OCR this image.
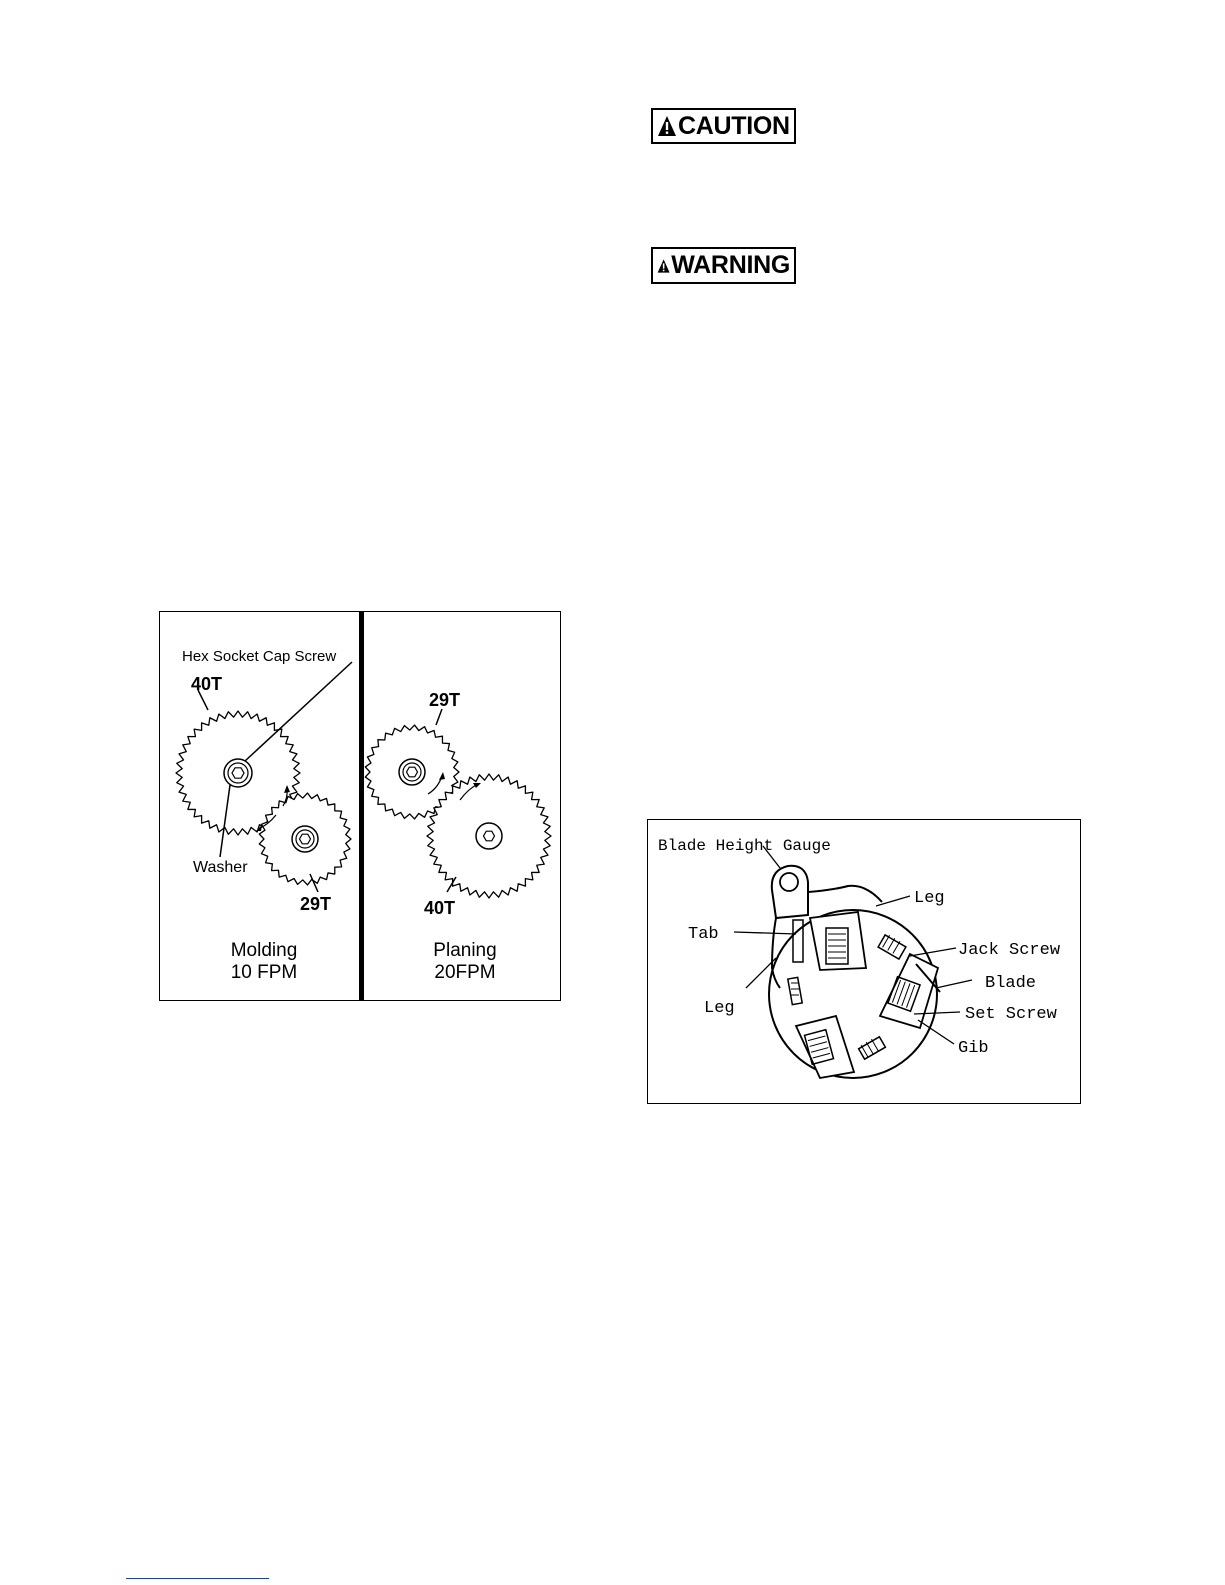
CAUTION
WARNING
Hex Socket Cap Screw
40T
Washer
29T
Molding
10 FPM
29T
40T
Planing
20FPM
Blade Height Gauge
Leg
Tab
Jack Screw
Blade
Leg	Set Screw
Gib
